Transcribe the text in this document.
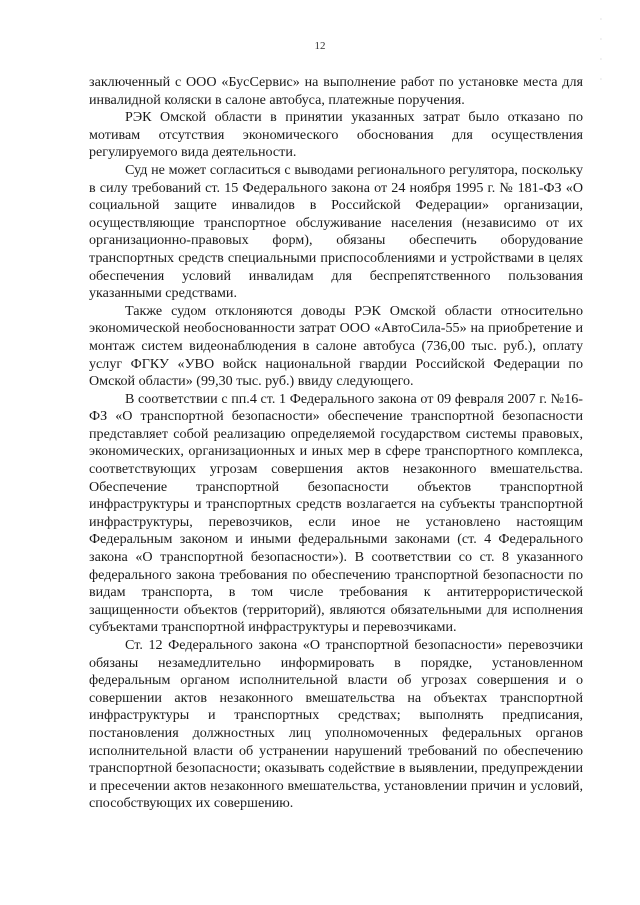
·
·
·
·
12

заключенный с ООО «БусСервис» на выполнение работ по установке места для инвалидной коляски в салоне автобуса, платежные поручения.

РЭК Омской области в принятии указанных затрат было отказано по мотивам отсутствия экономического обоснования для осуществления регулируемого вида деятельности.

Суд не может согласиться с выводами регионального регулятора, поскольку в силу требований ст. 15 Федерального закона от 24 ноября 1995 г. № 181-ФЗ «О социальной защите инвалидов в Российской Федерации» организации, осуществляющие транспортное обслуживание населения (независимо от их организационно-правовых форм), обязаны обеспечить оборудование транспортных средств специальными приспособлениями и устройствами в целях обеспечения условий инвалидам для беспрепятственного пользования указанными средствами.

Также судом отклоняются доводы РЭК Омской области относительно экономической необоснованности затрат ООО «АвтоСила-55» на приобретение и монтаж систем видеонаблюдения в салоне автобуса (736,00 тыс. руб.), оплату услуг ФГКУ «УВО войск национальной гвардии Российской Федерации по Омской области» (99,30 тыс. руб.) ввиду следующего.

В соответствии с пп.4 ст. 1 Федерального закона от 09 февраля 2007 г. №16-ФЗ «О транспортной безопасности» обеспечение транспортной безопасности представляет собой реализацию определяемой государством системы правовых, экономических, организационных и иных мер в сфере транспортного комплекса, соответствующих угрозам совершения актов незаконного вмешательства. Обеспечение транспортной безопасности объектов транспортной инфраструктуры и транспортных средств возлагается на субъекты транспортной инфраструктуры, перевозчиков, если иное не установлено настоящим Федеральным законом и иными федеральными законами (ст. 4 Федерального закона «О транспортной безопасности»). В соответствии со ст. 8 указанного федерального закона требования по обеспечению транспортной безопасности по видам транспорта, в том числе требования к антитеррористической защищенности объектов (территорий), являются обязательными для исполнения субъектами транспортной инфраструктуры и перевозчиками.

Ст. 12 Федерального закона «О транспортной безопасности» перевозчики обязаны незамедлительно информировать в порядке, установленном федеральным органом исполнительной власти об угрозах совершения и о совершении актов незаконного вмешательства на объектах транспортной инфраструктуры и транспортных средствах; выполнять предписания, постановления должностных лиц уполномоченных федеральных органов исполнительной власти об устранении нарушений требований по обеспечению транспортной безопасности; оказывать содействие в выявлении, предупреждении и пресечении актов незаконного вмешательства, установлении причин и условий, способствующих их совершению.
